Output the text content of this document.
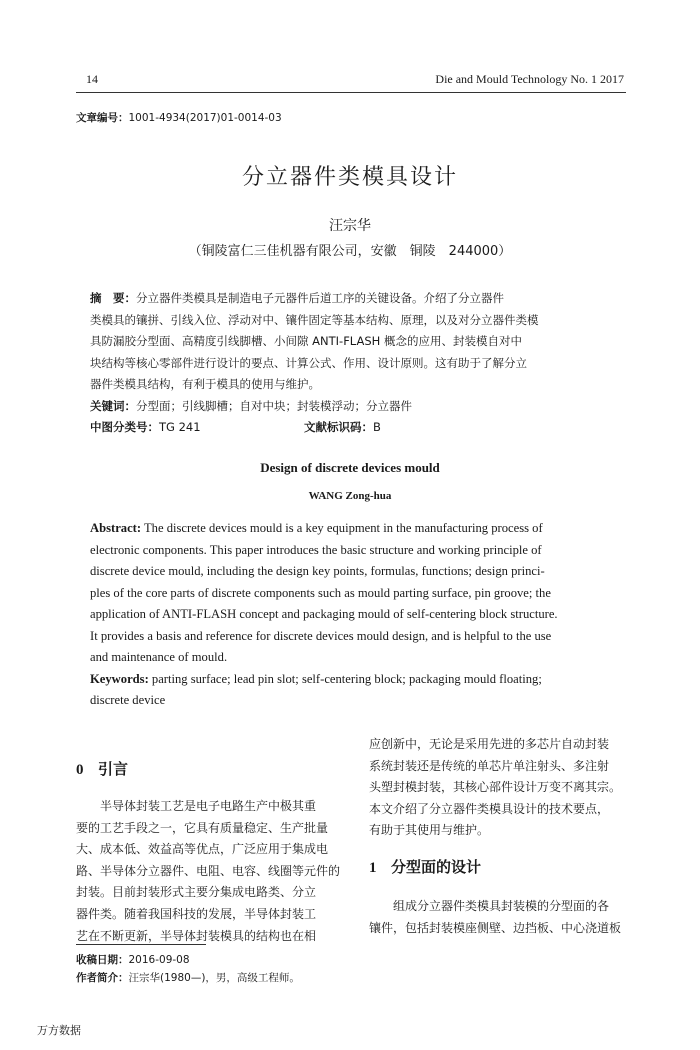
14	Die and Mould Technology No. 1 2017
文章编号：1001-4934(2017)01-0014-03
分立器件类模具设计
汪宗华
（铜陵富仁三佳机器有限公司，安徽　铜陵　244000）
摘　要：分立器件类模具是制造电子元器件后道工序的关键设备。介绍了分立器件
类模具的镶拼、引线入位、浮动对中、镶件固定等基本结构、原理，以及对分立器件类模
具防漏胶分型面、高精度引线脚槽、小间隙 ANTI-FLASH 概念的应用、封装模自对中
块结构等核心零部件进行设计的要点、计算公式、作用、设计原则。这有助于了解分立
器件类模具结构，有利于模具的使用与维护。
关键词：分型面；引线脚槽；自对中块；封装模浮动；分立器件
中图分类号：TG 241	文献标识码：B
Design of discrete devices mould
WANG Zong-hua
Abstract: The discrete devices mould is a key equipment in the manufacturing process of
electronic components. This paper introduces the basic structure and working principle of
discrete device mould, including the design key points, formulas, functions; design princi-
ples of the core parts of discrete components such as mould parting surface, pin groove; the
application of ANTI-FLASH concept and packaging mould of self-centering block structure.
It provides a basis and reference for discrete devices mould design, and is helpful to the use
and maintenance of mould.
Keywords: parting surface; lead pin slot; self-centering block; packaging mould floating;
discrete device
0 引言
　　半导体封装工艺是电子电路生产中极其重
要的工艺手段之一，它具有质量稳定、生产批量
大、成本低、效益高等优点，广泛应用于集成电
路、半导体分立器件、电阻、电容、线圈等元件的
封装。目前封装形式主要分集成电路类、分立
器件类。随着我国科技的发展，半导体封装工
艺在不断更新，半导体封装模具的结构也在相
应创新中，无论是采用先进的多芯片自动封装
系统封装还是传统的单芯片单注射头、多注射
头塑封模封装，其核心部件设计万变不离其宗。
本文介绍了分立器件类模具设计的技术要点，
有助于其使用与维护。
1 分型面的设计
　　组成分立器件类模具封装模的分型面的各
镶件，包括封装模座侧壁、边挡板、中心浇道板
收稿日期：2016-09-08
作者简介：汪宗华(1980—)，男，高级工程师。
万方数据
